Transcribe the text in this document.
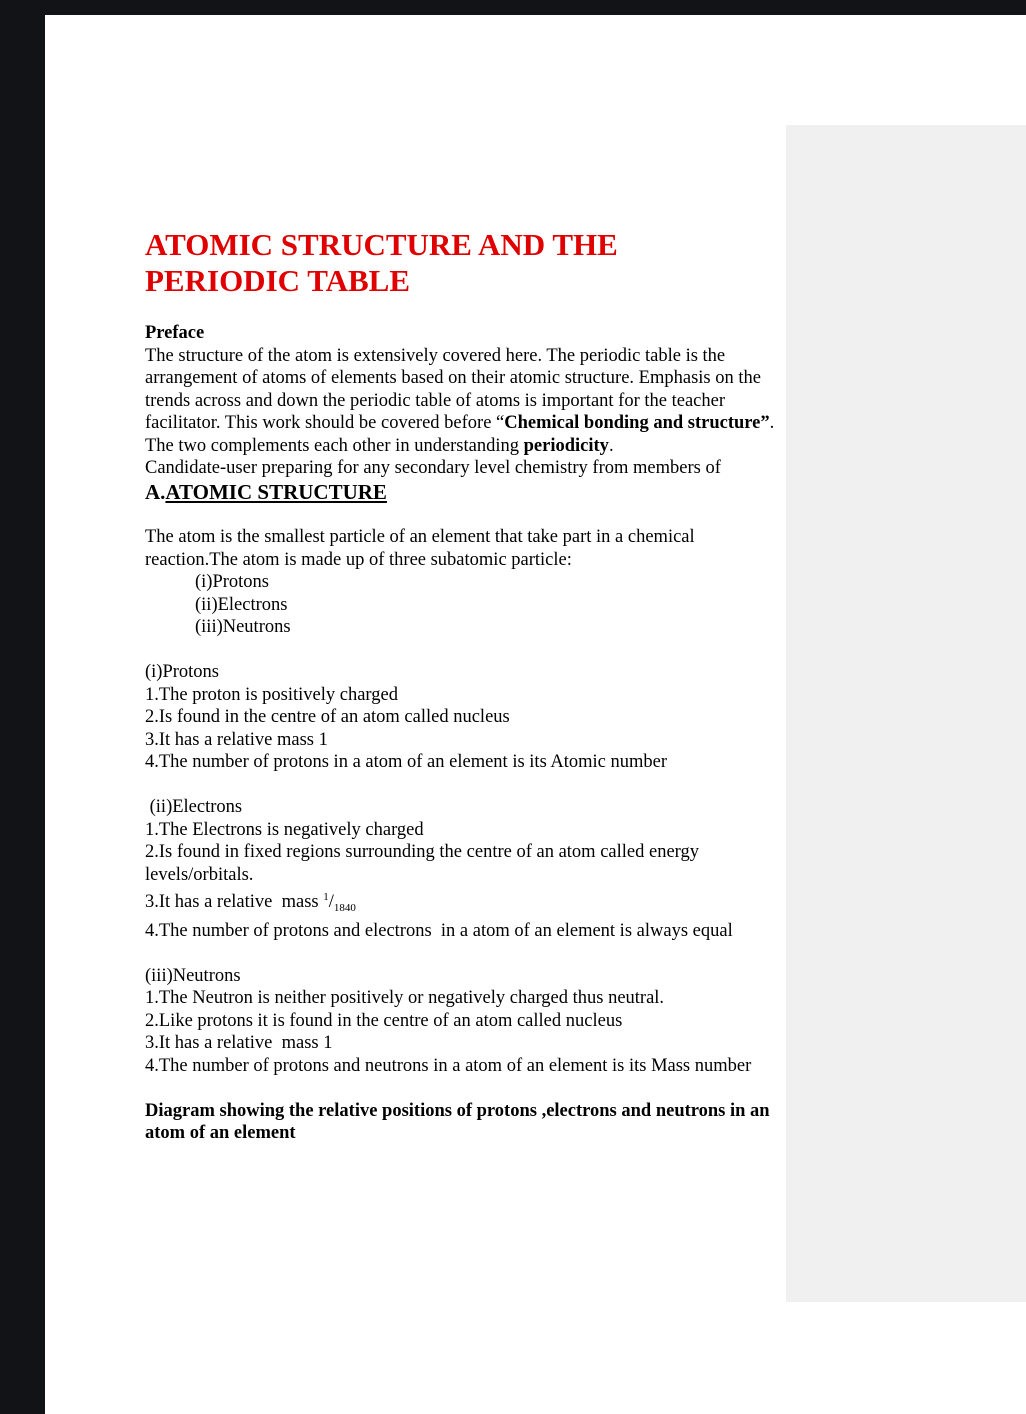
ATOMIC STRUCTURE AND THE
PERIODIC TABLE

Preface

The structure of the atom is extensively covered here. The periodic table is the arrangement of atoms of elements based on their atomic structure. Emphasis on the trends across and down the periodic table of atoms is important for the teacher facilitator. This work should be covered before “Chemical bonding and structure”. The two complements each other in understanding periodicity.

Candidate-user preparing for any secondary level chemistry from members of

A.ATOMIC STRUCTURE

The atom is the smallest particle of an element that take part in a chemical reaction.The atom is made up of three subatomic particle:

(i)Protons

(ii)Electrons

(iii)Neutrons

(i)Protons

1.The proton is positively charged

2.Is found in the centre of an atom called nucleus

3.It has a relative mass 1

4.The number of protons in a atom of an element is its Atomic number

(ii)Electrons

1.The Electrons is negatively charged

2.Is found in fixed regions surrounding the centre of an atom called energy levels/orbitals.

3.It has a relative  mass $^1/_{1840}$

4.The number of protons and electrons  in a atom of an element is always equal

(iii)Neutrons

1.The Neutron is neither positively or negatively charged thus neutral.

2.Like protons it is found in the centre of an atom called nucleus

3.It has a relative  mass 1

4.The number of protons and neutrons in a atom of an element is its Mass number

Diagram showing the relative positions of protons ,electrons and neutrons in an atom of an element
